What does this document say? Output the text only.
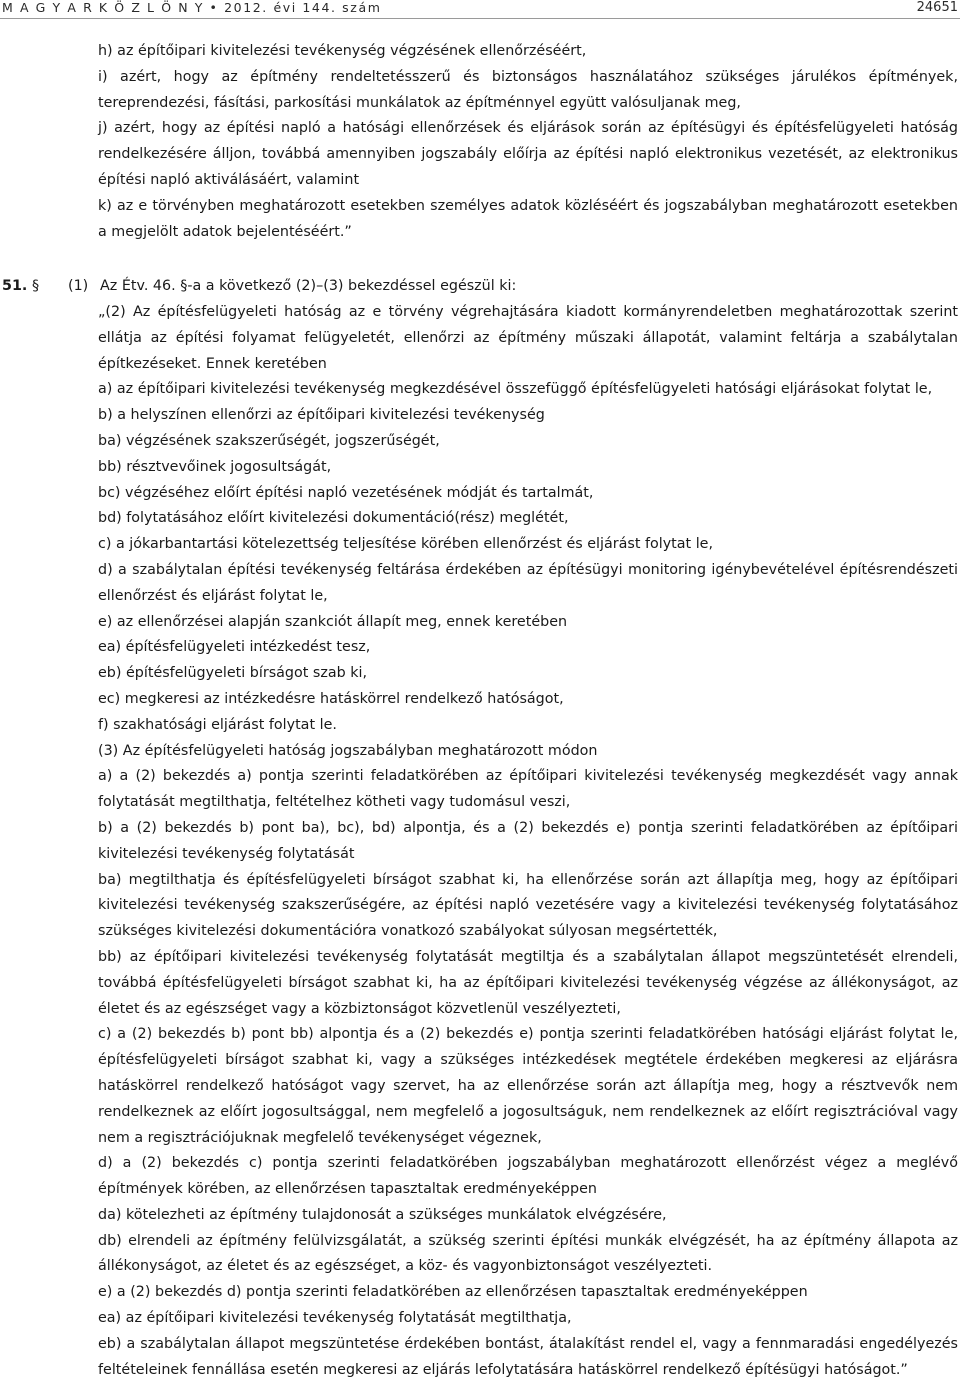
M A G Y A R K Ö Z L Ö N Y • 2012. évi 144. szám	24651

h) az építőipari kivitelezési tevékenység végzésének ellenőrzéséért,

i) azért, hogy az építmény rendeltetésszerű és biztonságos használatához szükséges járulékos építmények, tereprendezési, fásítási, parkosítási munkálatok az építménnyel együtt valósuljanak meg,

j) azért, hogy az építési napló a hatósági ellenőrzések és eljárások során az építésügyi és építésfelügyeleti hatóság rendelkezésére álljon, továbbá amennyiben jogszabály előírja az építési napló elektronikus vezetését, az elektronikus építési napló aktiválásáért, valamint

k) az e törvényben meghatározott esetekben személyes adatok közléséért és jogszabályban meghatározott esetekben a megjelölt adatok bejelentéséért.”

51. § (1) Az Étv. 46. §-a a következő (2)–(3) bekezdéssel egészül ki:

„(2) Az építésfelügyeleti hatóság az e törvény végrehajtására kiadott kormányrendeletben meghatározottak szerint ellátja az építési folyamat felügyeletét, ellenőrzi az építmény műszaki állapotát, valamint feltárja a szabálytalan építkezéseket. Ennek keretében

a) az építőipari kivitelezési tevékenység megkezdésével összefüggő építésfelügyeleti hatósági eljárásokat folytat le,

b) a helyszínen ellenőrzi az építőipari kivitelezési tevékenység

ba) végzésének szakszerűségét, jogszerűségét,

bb) résztvevőinek jogosultságát,

bc) végzéséhez előírt építési napló vezetésének módját és tartalmát,

bd) folytatásához előírt kivitelezési dokumentáció(rész) meglétét,

c) a jókarbantartási kötelezettség teljesítése körében ellenőrzést és eljárást folytat le,

d) a szabálytalan építési tevékenység feltárása érdekében az építésügyi monitoring igénybevételével építésrendészeti ellenőrzést és eljárást folytat le,

e) az ellenőrzései alapján szankciót állapít meg, ennek keretében

ea) építésfelügyeleti intézkedést tesz,

eb) építésfelügyeleti bírságot szab ki,

ec) megkeresi az intézkedésre hatáskörrel rendelkező hatóságot,

f) szakhatósági eljárást folytat le.

(3) Az építésfelügyeleti hatóság jogszabályban meghatározott módon

a) a (2) bekezdés a) pontja szerinti feladatkörében az építőipari kivitelezési tevékenység megkezdését vagy annak folytatását megtilthatja, feltételhez kötheti vagy tudomásul veszi,

b) a (2) bekezdés b) pont ba), bc), bd) alpontja, és a (2) bekezdés e) pontja szerinti feladatkörében az építőipari kivitelezési tevékenység folytatását

ba) megtilthatja és építésfelügyeleti bírságot szabhat ki, ha ellenőrzése során azt állapítja meg, hogy az építőipari kivitelezési tevékenység szakszerűségére, az építési napló vezetésére vagy a kivitelezési tevékenység folytatásához szükséges kivitelezési dokumentációra vonatkozó szabályokat súlyosan megsértették,

bb) az építőipari kivitelezési tevékenység folytatását megtiltja és a szabálytalan állapot megszüntetését elrendeli, továbbá építésfelügyeleti bírságot szabhat ki, ha az építőipari kivitelezési tevékenység végzése az állékonyságot, az életet és az egészséget vagy a közbiztonságot közvetlenül veszélyezteti,

c) a (2) bekezdés b) pont bb) alpontja és a (2) bekezdés e) pontja szerinti feladatkörében hatósági eljárást folytat le, építésfelügyeleti bírságot szabhat ki, vagy a szükséges intézkedések megtétele érdekében megkeresi az eljárásra hatáskörrel rendelkező hatóságot vagy szervet, ha az ellenőrzése során azt állapítja meg, hogy a résztvevők nem rendelkeznek az előírt jogosultsággal, nem megfelelő a jogosultságuk, nem rendelkeznek az előírt regisztrációval vagy nem a regisztrációjuknak megfelelő tevékenységet végeznek,

d) a (2) bekezdés c) pontja szerinti feladatkörében jogszabályban meghatározott ellenőrzést végez a meglévő építmények körében, az ellenőrzésen tapasztaltak eredményeképpen

da) kötelezheti az építmény tulajdonosát a szükséges munkálatok elvégzésére,

db) elrendeli az építmény felülvizsgálatát, a szükség szerinti építési munkák elvégzését, ha az építmény állapota az állékonyságot, az életet és az egészséget, a köz- és vagyonbiztonságot veszélyezteti.

e) a (2) bekezdés d) pontja szerinti feladatkörében az ellenőrzésen tapasztaltak eredményeképpen

ea) az építőipari kivitelezési tevékenység folytatását megtilthatja,

eb) a szabálytalan állapot megszüntetése érdekében bontást, átalakítást rendel el, vagy a fennmaradási engedélyezés feltételeinek fennállása esetén megkeresi az eljárás lefolytatására hatáskörrel rendelkező építésügyi hatóságot.”
